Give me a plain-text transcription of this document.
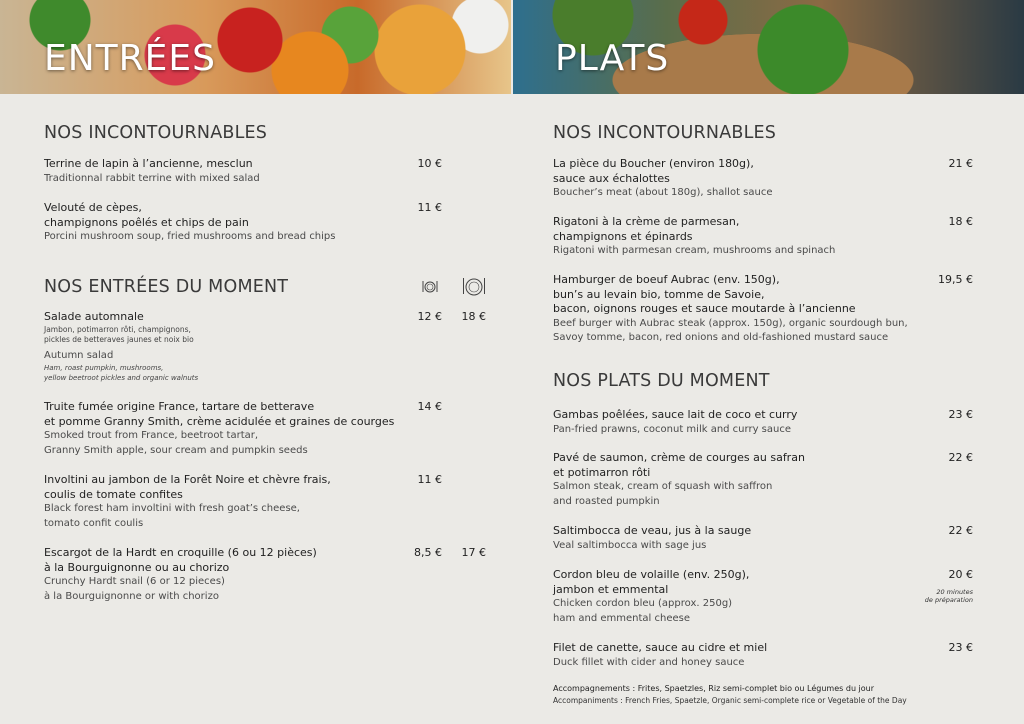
ENTRÉES	PLATS
NOS INCONTOURNABLES
Terrine de lapin à l’ancienne, mesclun
Traditionnal rabbit terrine with mixed salad
10 €
Velouté de cèpes,
champignons poêlés et chips de pain
Porcini mushroom soup, fried mushrooms and bread chips
11 €
NOS ENTRÉES DU MOMENT
Salade automnale
Jambon, potimarron rôti, champignons,
pickles de betteraves jaunes et noix bio
Autumn salad
Ham, roast pumpkin, mushrooms,
yellow beetroot pickles and organic walnuts
12 €	18 €
Truite fumée origine France, tartare de betterave
et pomme Granny Smith, crème acidulée et graines de courges
Smoked trout from France, beetroot tartar,
Granny Smith apple, sour cream and pumpkin seeds
14 €
Involtini au jambon de la Forêt Noire et chèvre frais,
coulis de tomate confites
Black forest ham involtini with fresh goat’s cheese,
tomato confit coulis
11 €
Escargot de la Hardt en croquille (6 ou 12 pièces)
à la Bourguignonne ou au chorizo
Crunchy Hardt snail (6 or 12 pieces)
à la Bourguignonne or with chorizo
8,5 €	17 €
NOS INCONTOURNABLES
La pièce du Boucher (environ 180g),
sauce aux échalottes
Boucher’s meat (about 180g), shallot sauce
21 €
Rigatoni à la crème de parmesan,
champignons et épinards
Rigatoni with parmesan cream, mushrooms and spinach
18 €
Hamburger de boeuf Aubrac (env. 150g),
bun’s au levain bio, tomme de Savoie,
bacon, oignons rouges et sauce moutarde à l’ancienne
Beef burger with Aubrac steak (approx. 150g), organic sourdough bun,
Savoy tomme, bacon, red onions and old-fashioned mustard sauce
19,5 €
NOS PLATS DU MOMENT
Gambas poêlées, sauce lait de coco et curry
Pan-fried prawns, coconut milk and curry sauce
23 €
Pavé de saumon, crème de courges au safran
et potimarron rôti
Salmon steak, cream of squash with saffron
and roasted pumpkin
22 €
Saltimbocca de veau, jus à la sauge
Veal saltimbocca with sage jus
22 €
Cordon bleu de volaille (env. 250g),
jambon et emmental
Chicken cordon bleu (approx. 250g)
ham and emmental cheese
20 €
20 minutes
de préparation
Filet de canette, sauce au cidre et miel
Duck fillet with cider and honey sauce
23 €
Accompagnements : Frites, Spaetzles, Riz semi-complet bio ou Légumes du jour
Accompaniments : French Fries, Spaetzle, Organic semi-complete rice or Vegetable of the Day
